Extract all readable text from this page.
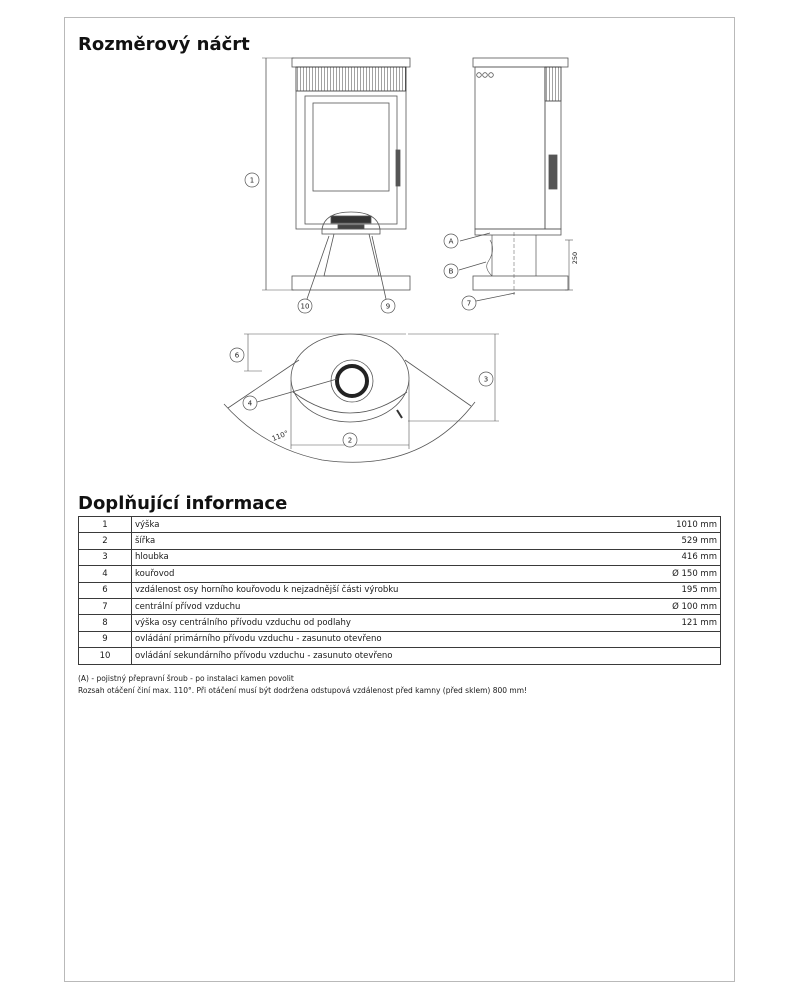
Rozměrový náčrt
1
10	9
A
B
7
6
3
4
2
250
110°
Doplňující informace
1	výška	1010 mm
2	šířka	529 mm
3	hloubka	416 mm
4	kouřovod	Ø 150 mm
6	vzdálenost osy horního kouřovodu k nejzadnější části výrobku	195 mm
7	centrální přívod vzduchu	Ø 100 mm
8	výška osy centrálního přívodu vzduchu od podlahy	121 mm
9	ovládání primárního přívodu vzduchu - zasunuto otevřeno	
10	ovládání sekundárního přívodu vzduchu - zasunuto otevřeno	

(A) - pojistný přepravní šroub - po instalaci kamen povolit

Rozsah otáčení činí max. 110°. Při otáčení musí být dodržena odstupová vzdálenost před kamny (před sklem) 800 mm!
